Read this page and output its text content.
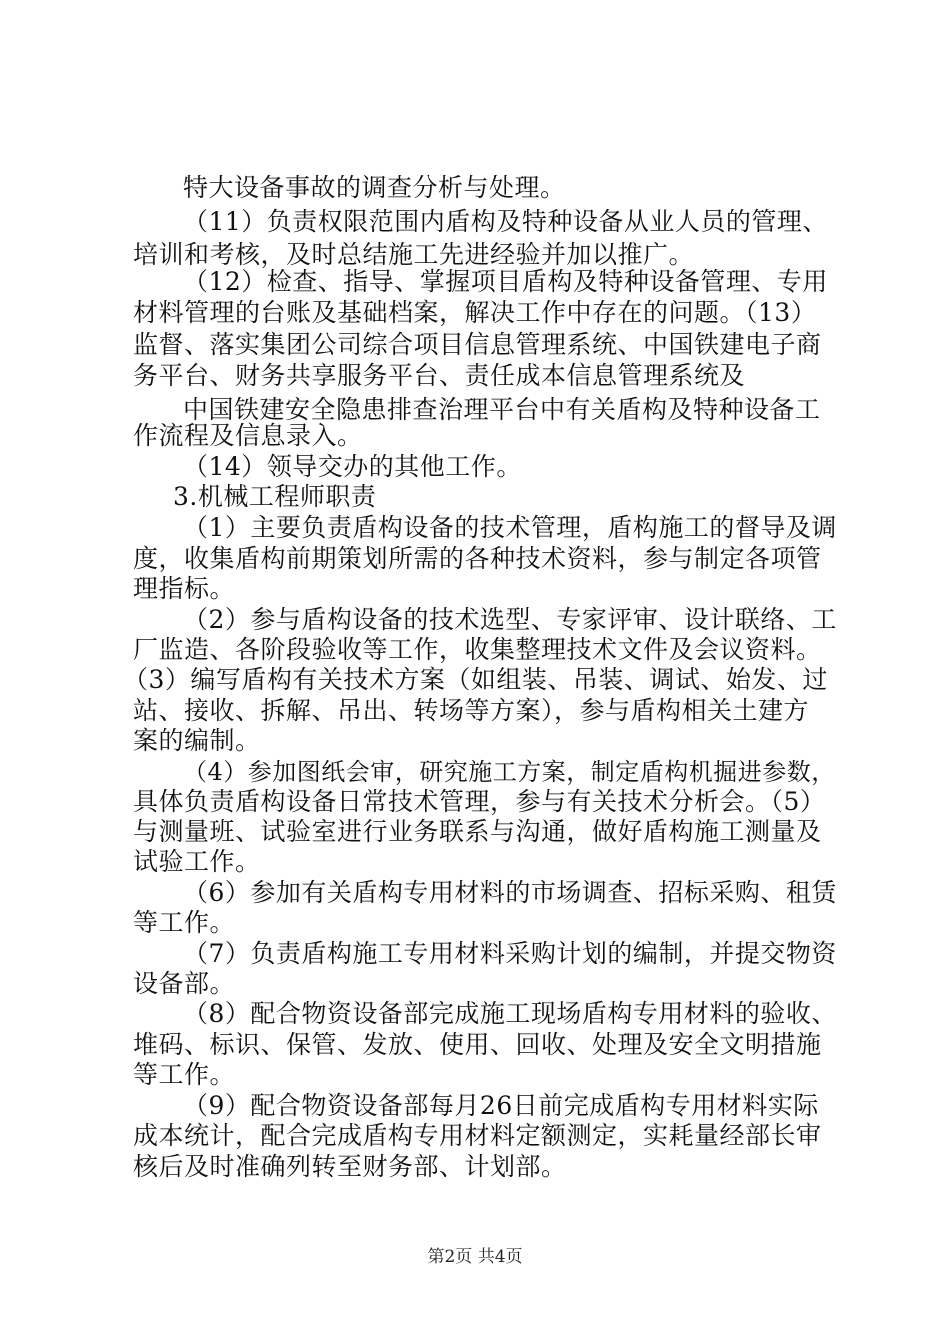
特大设备事故的调查分析与处理。
（11）负责权限范围内盾构及特种设备从业人员的管理、
培训和考核，及时总结施工先进经验并加以推广。
（12）检查、指导、掌握项目盾构及特种设备管理、专用
材料管理的台账及基础档案，解决工作中存在的问题。（13）
监督、落实集团公司综合项目信息管理系统、中国铁建电子商
务平台、财务共享服务平台、责任成本信息管理系统及
中国铁建安全隐患排查治理平台中有关盾构及特种设备工
作流程及信息录入。
（14）领导交办的其他工作。
3.机械工程师职责
（1）主要负责盾构设备的技术管理，盾构施工的督导及调
度，收集盾构前期策划所需的各种技术资料，参与制定各项管
理指标。
（2）参与盾构设备的技术选型、专家评审、设计联络、工
厂监造、各阶段验收等工作，收集整理技术文件及会议资料。
（3）编写盾构有关技术方案（如组装、吊装、调试、始发、过
站、接收、拆解、吊出、转场等方案），参与盾构相关土建方
案的编制。
（4）参加图纸会审，研究施工方案，制定盾构机掘进参数，
具体负责盾构设备日常技术管理，参与有关技术分析会。（5）
与测量班、试验室进行业务联系与沟通，做好盾构施工测量及
试验工作。
（6）参加有关盾构专用材料的市场调查、招标采购、租赁
等工作。
（7）负责盾构施工专用材料采购计划的编制，并提交物资
设备部。
（8）配合物资设备部完成施工现场盾构专用材料的验收、
堆码、标识、保管、发放、使用、回收、处理及安全文明措施
等工作。
（9）配合物资设备部每月26日前完成盾构专用材料实际
成本统计，配合完成盾构专用材料定额测定，实耗量经部长审
核后及时准确列转至财务部、计划部。
第2页 共4页
